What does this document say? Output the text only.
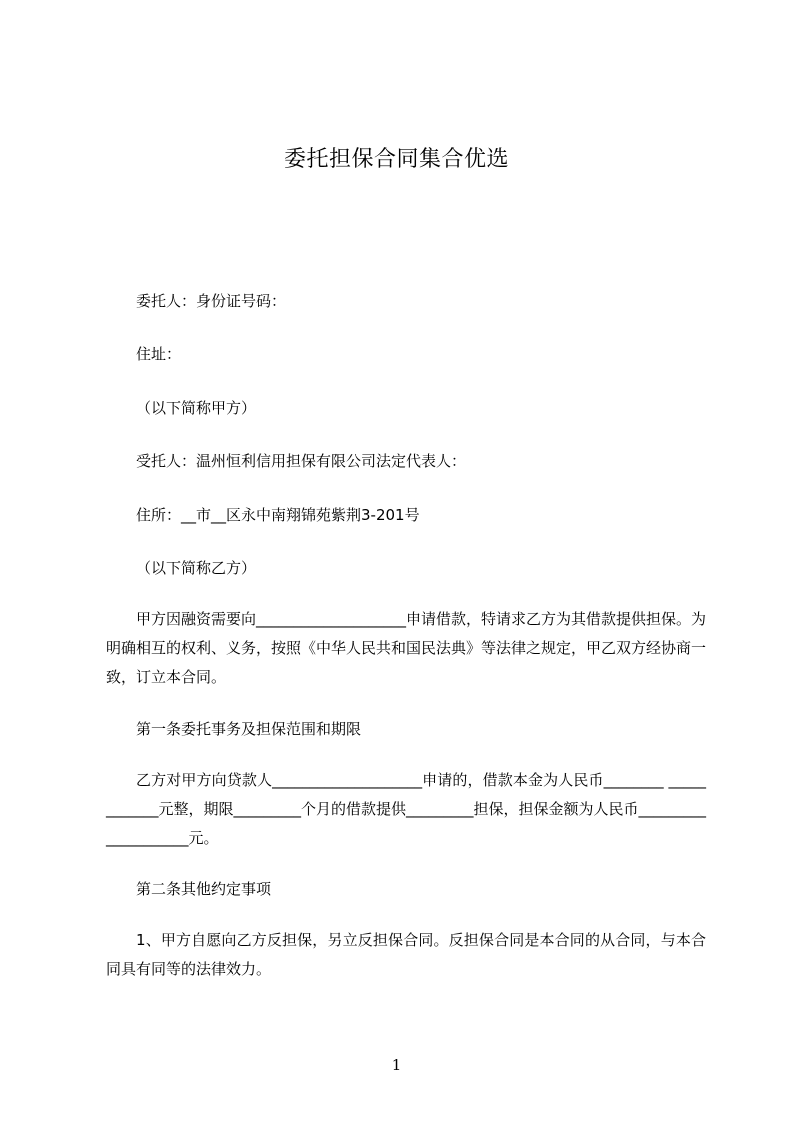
委托担保合同集合优选
委托人：身份证号码：
住址：
（以下简称甲方）
受托人：温州恒利信用担保有限公司法定代表人：
住所：__市__区永中南翔锦苑紫荆3-201号
（以下简称乙方）
甲方因融资需要向____________________申请借款，特请求乙方为其借款提供担保。为明确相互的权利、义务，按照《中华人民共和国民法典》等法律之规定，甲乙双方经协商一致，订立本合同。
第一条委托事务及担保范围和期限
乙方对甲方向贷款人____________________申请的，借款本金为人民币________ ____________元整，期限_________个月的借款提供_________担保，担保金额为人民币____________________元。
第二条其他约定事项
1、甲方自愿向乙方反担保，另立反担保合同。反担保合同是本合同的从合同，与本合同具有同等的法律效力。
1
